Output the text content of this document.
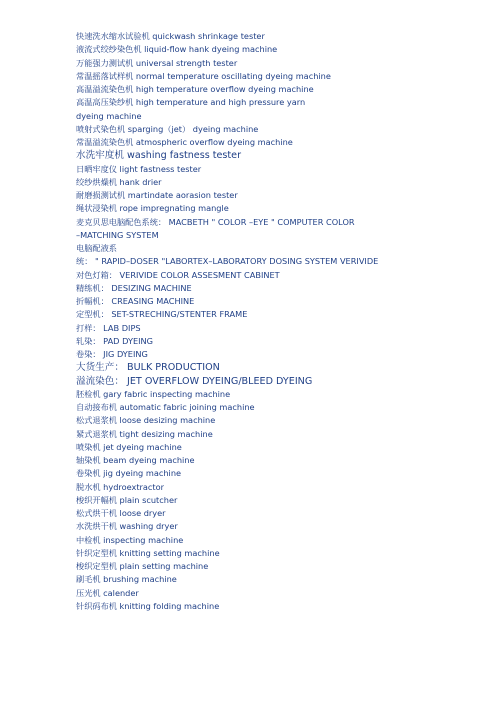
快速洗水缩水试验机 quickwash shrinkage tester
液流式绞纱染色机 liquid-flow hank dyeing machine
万能强力测试机 universal strength tester
常温摇落试样机 normal temperature oscillating dyeing machine
高温溢流染色机 high temperature overflow dyeing machine
高温高压染纱机 high temperature and high pressure yarn
dyeing machine
喷射式染色机 sparging（jet） dyeing machine
常温溢流染色机 atmospheric overflow dyeing machine
水洗牢度机 washing fastness tester
日晒牢度仪 light fastness tester
绞纱烘燥机 hank drier
耐磨损测试机 martindate aorasion tester
绳状浸染机 rope impregnating mangle
麦克贝思电脑配色系统： MACBETH " COLOR –EYE " COMPUTER COLOR
–MATCHING SYSTEM
电脑配液系
统： " RAPID–DOSER "LABORTEX–LABORATORY DOSING SYSTEM VERIVIDE
对色灯箱： VERIVIDE COLOR ASSESMENT CABINET
精练机： DESIZING MACHINE
折幅机： CREASING MACHINE
定型机： SET-STRECHING/STENTER FRAME
打样： LAB DIPS
轧染： PAD DYEING
卷染： JIG DYEING
大货生产： BULK PRODUCTION
溢流染色： JET OVERFLOW DYEING/BLEED DYEING
胚检机 gary fabric inspecting machine
自动接布机 automatic fabric joining machine
松式退浆机 loose desizing machine
紧式退浆机 tight desizing machine
喷染机 jet dyeing machine
轴染机 beam dyeing machine
卷染机 jig dyeing machine
脱水机 hydroextractor
梭织开幅机 plain scutcher
松式烘干机 loose dryer
水洗烘干机 washing dryer
中检机 inspecting machine
针织定型机 knitting setting machine
梭织定型机 plain setting machine
刷毛机 brushing machine
压光机 calender
针织码布机 knitting folding machine
